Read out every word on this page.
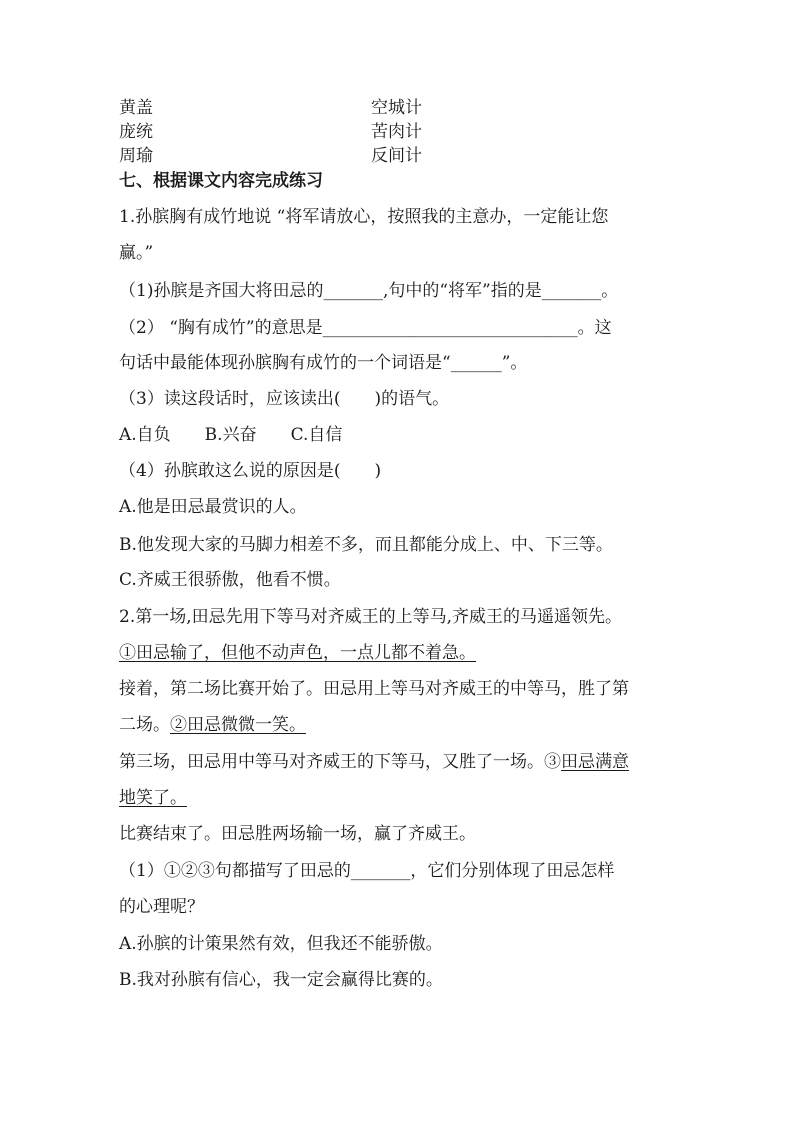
黄盖	空城计
庞统	苦肉计
周瑜	反间计
七、根据课文内容完成练习
1.孙膑胸有成竹地说 “将军请放心，按照我的主意办，一定能让您
赢。”
（1)孙膑是齐国大将田忌的_______,句中的“将军”指的是_______。
（2） “胸有成竹”的意思是______________________________。这
句话中最能体现孙膑胸有成竹的一个词语是“______”。
（3）读这段话时，应该读出(　　)的语气。
A.自负　　B.兴奋　　C.自信
（4）孙膑敢这么说的原因是(　　)
A.他是田忌最赏识的人。
B.他发现大家的马脚力相差不多，而且都能分成上、中、下三等。
C.齐威王很骄傲，他看不惯。
2.第一场,田忌先用下等马对齐威王的上等马,齐威王的马遥遥领先。
①田忌输了，但他不动声色，一点儿都不着急。
接着，第二场比赛开始了。田忌用上等马对齐威王的中等马，胜了第
二场。②田忌微微一笑。
第三场，田忌用中等马对齐威王的下等马，又胜了一场。③田忌满意
地笑了。
比赛结束了。田忌胜两场输一场，赢了齐威王。
（1）①②③句都描写了田忌的_______，它们分别体现了田忌怎样
的心理呢？
A.孙膑的计策果然有效，但我还不能骄傲。
B.我对孙膑有信心，我一定会赢得比赛的。
